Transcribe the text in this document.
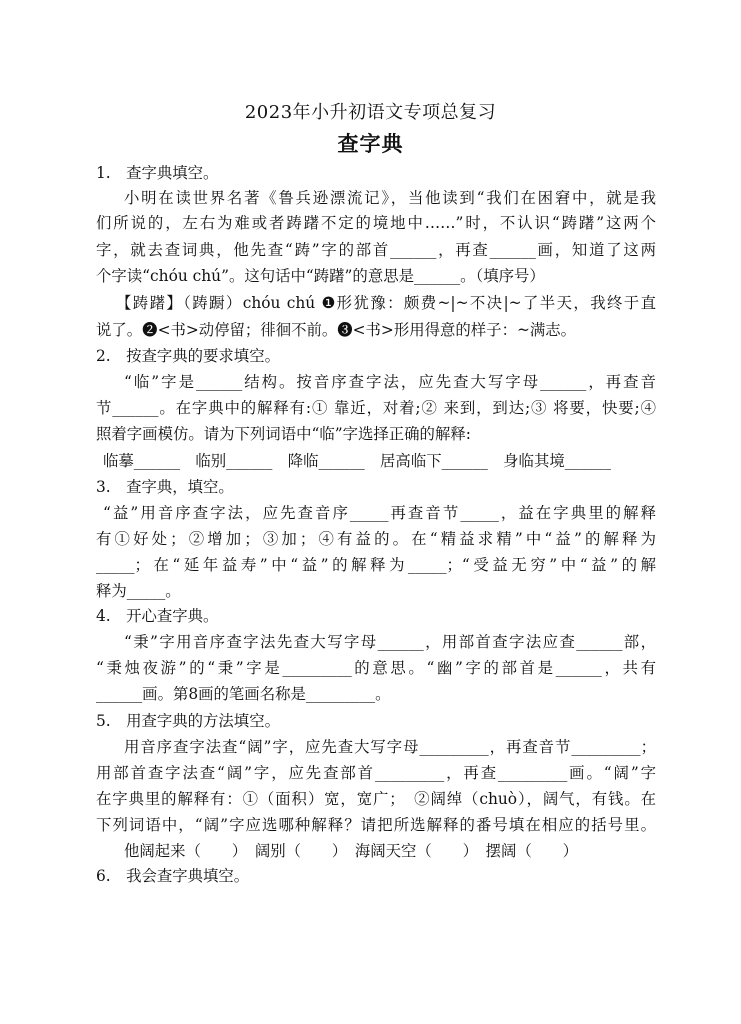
2023年小升初语文专项总复习
查字典
1.　查字典填空。
小明在读世界名著《鲁兵逊漂流记》，当他读到“我们在困窘中，就是我
们所说的，左右为难或者踌躇不定的境地中……”时，不认识“踌躇”这两个
字，就去查词典，他先查“踌”字的部首______，再查______画，知道了这两
个字读“chóu chú”。这句话中“踌躇”的意思是______。（填序号）
【踌躇】（踌蹰）chóu chú ❶形犹豫：颇费~|~不决|~了半天，我终于直
说了。❷<书>动停留；徘徊不前。❸<书>形用得意的样子：~满志。
2.　按查字典的要求填空。
“临”字是______结构。按音序查字法，应先查大写字母______，再查音
节______。在字典中的解释有:① 靠近，对着;② 来到，到达;③ 将要，快要;④
照着字画模仿。请为下列词语中“临”字选择正确的解释:
临摹______　临别______　降临______　居高临下______　身临其境______
3.　查字典，填空。
“益”用音序查字法，应先查音序_____再查音节_____，益在字典里的解释
有①好处；②增加；③加；④有益的。在“精益求精”中“益”的解释为
_____；在“延年益寿”中“益”的解释为_____；“受益无穷”中“益”的解
释为_____。
4.　开心查字典。
“秉”字用音序查字法先查大写字母______，用部首查字法应查______部，
“秉烛夜游”的“秉”字是_________的意思。“幽”字的部首是______，共有
______画。第8画的笔画名称是_________。
5.　用查字典的方法填空。
用音序查字法查“阔”字，应先查大写字母_________，再查音节_________；
用部首查字法查“阔”字，应先查部首_________，再查_________画。“阔”字
在字典里的解释有：①（面积）宽，宽广；　②阔绰（chuò），阔气，有钱。在
下列词语中，“阔”字应选哪种解释？请把所选解释的番号填在相应的括号里。
他阔起来（　　）　阔别（　　）　海阔天空（　　）　摆阔（　　）
6.　我会查字典填空。
